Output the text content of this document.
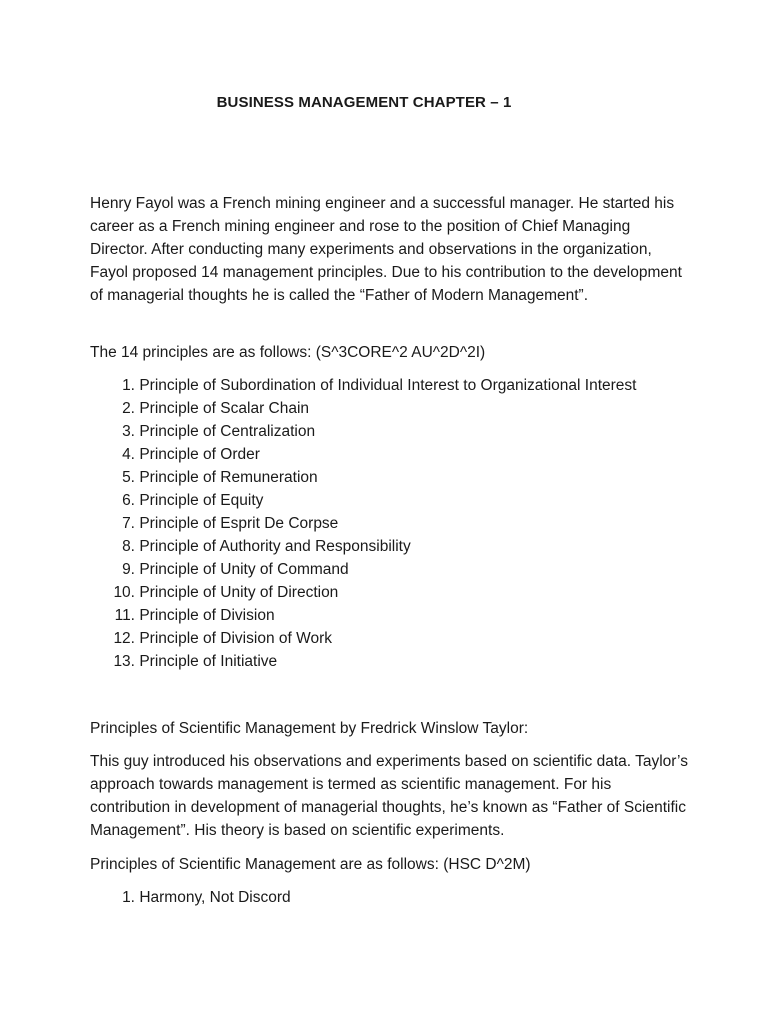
BUSINESS MANAGEMENT CHAPTER – 1

Henry Fayol was a French mining engineer and a successful manager. He started his career as a French mining engineer and rose to the position of Chief Managing Director. After conducting many experiments and observations in the organization, Fayol proposed 14 management principles. Due to his contribution to the development of managerial thoughts he is called the “Father of Modern Management”.

The 14 principles are as follows: (S^3CORE^2 AU^2D^2I)

1.
Principle of Subordination of Individual Interest to Organizational Interest
2.
Principle of Scalar Chain
3.
Principle of Centralization
4.
Principle of Order
5.
Principle of Remuneration
6.
Principle of Equity
7.
Principle of Esprit De Corpse
8.
Principle of Authority and Responsibility
9.
Principle of Unity of Command
10.
Principle of Unity of Direction
11.
Principle of Division
12.
Principle of Division of Work
13.
Principle of Initiative

Principles of Scientific Management by Fredrick Winslow Taylor:

This guy introduced his observations and experiments based on scientific data. Taylor’s approach towards management is termed as scientific management. For his contribution in development of managerial thoughts, he’s known as “Father of Scientific Management”. His theory is based on scientific experiments.

Principles of Scientific Management are as follows: (HSC D^2M)

1.
Harmony, Not Discord
